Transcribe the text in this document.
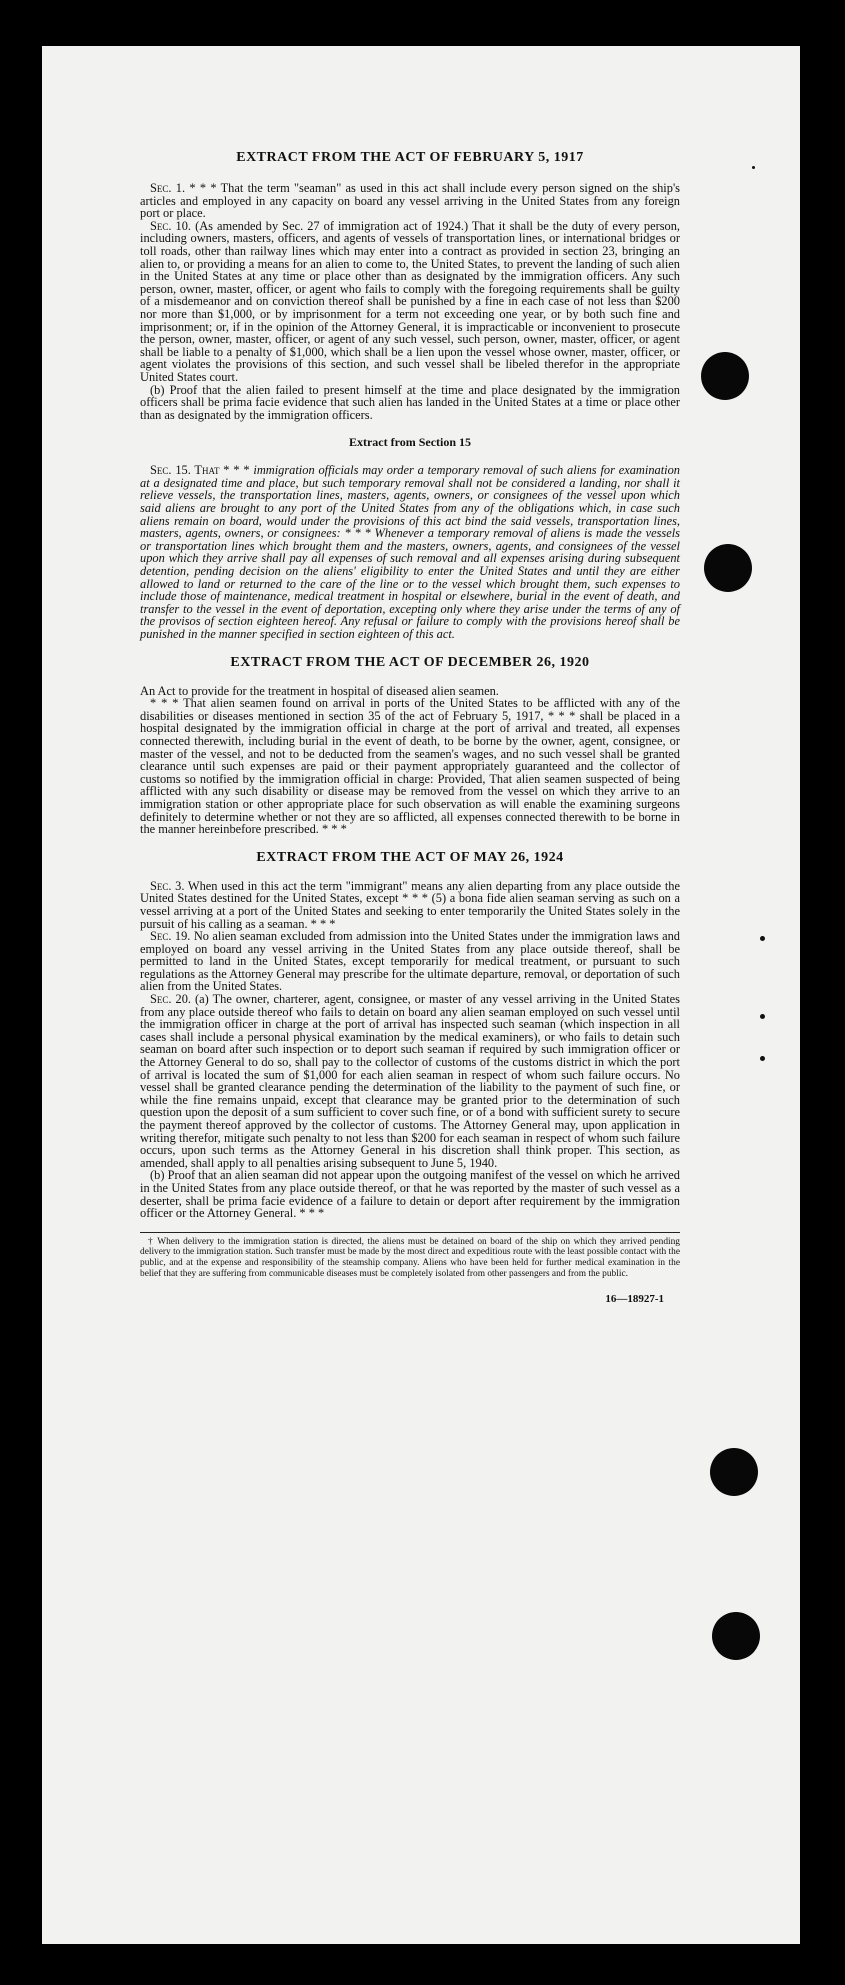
EXTRACT FROM THE ACT OF FEBRUARY 5, 1917

Sec. 1. * * * That the term "seaman" as used in this act shall include every person signed on the ship's articles and employed in any capacity on board any vessel arriving in the United States from any foreign port or place.

Sec. 10. (As amended by Sec. 27 of immigration act of 1924.) That it shall be the duty of every person, including owners, masters, officers, and agents of vessels of transportation lines, or international bridges or toll roads, other than railway lines which may enter into a contract as provided in section 23, bringing an alien to, or providing a means for an alien to come to, the United States, to prevent the landing of such alien in the United States at any time or place other than as designated by the immigration officers. Any such person, owner, master, officer, or agent who fails to comply with the foregoing requirements shall be guilty of a misdemeanor and on conviction thereof shall be punished by a fine in each case of not less than $200 nor more than $1,000, or by imprisonment for a term not exceeding one year, or by both such fine and imprisonment; or, if in the opinion of the Attorney General, it is impracticable or inconvenient to prosecute the person, owner, master, officer, or agent of any such vessel, such person, owner, master, officer, or agent shall be liable to a penalty of $1,000, which shall be a lien upon the vessel whose owner, master, officer, or agent violates the provisions of this section, and such vessel shall be libeled therefor in the appropriate United States court.

(b) Proof that the alien failed to present himself at the time and place designated by the immigration officers shall be prima facie evidence that such alien has landed in the United States at a time or place other than as designated by the immigration officers.

Extract from Section 15

Sec. 15. That * * * immigration officials may order a temporary removal of such aliens for examination at a designated time and place, but such temporary removal shall not be considered a landing, nor shall it relieve vessels, the transportation lines, masters, agents, owners, or consignees of the vessel upon which said aliens are brought to any port of the United States from any of the obligations which, in case such aliens remain on board, would under the provisions of this act bind the said vessels, transportation lines, masters, agents, owners, or consignees: * * * Whenever a temporary removal of aliens is made the vessels or transportation lines which brought them and the masters, owners, agents, and consignees of the vessel upon which they arrive shall pay all expenses of such removal and all expenses arising during subsequent detention, pending decision on the aliens' eligibility to enter the United States and until they are either allowed to land or returned to the care of the line or to the vessel which brought them, such expenses to include those of maintenance, medical treatment in hospital or elsewhere, burial in the event of death, and transfer to the vessel in the event of deportation, excepting only where they arise under the terms of any of the provisos of section eighteen hereof. Any refusal or failure to comply with the provisions hereof shall be punished in the manner specified in section eighteen of this act.

EXTRACT FROM THE ACT OF DECEMBER 26, 1920

An Act to provide for the treatment in hospital of diseased alien seamen.

* * * That alien seamen found on arrival in ports of the United States to be afflicted with any of the disabilities or diseases mentioned in section 35 of the act of February 5, 1917, * * * shall be placed in a hospital designated by the immigration official in charge at the port of arrival and treated, all expenses connected therewith, including burial in the event of death, to be borne by the owner, agent, consignee, or master of the vessel, and not to be deducted from the seamen's wages, and no such vessel shall be granted clearance until such expenses are paid or their payment appropriately guaranteed and the collector of customs so notified by the immigration official in charge: Provided, That alien seamen suspected of being afflicted with any such disability or disease may be removed from the vessel on which they arrive to an immigration station or other appropriate place for such observation as will enable the examining surgeons definitely to determine whether or not they are so afflicted, all expenses connected therewith to be borne in the manner hereinbefore prescribed. * * *

EXTRACT FROM THE ACT OF MAY 26, 1924

Sec. 3. When used in this act the term "immigrant" means any alien departing from any place outside the United States destined for the United States, except * * * (5) a bona fide alien seaman serving as such on a vessel arriving at a port of the United States and seeking to enter temporarily the United States solely in the pursuit of his calling as a seaman. * * *

Sec. 19. No alien seaman excluded from admission into the United States under the immigration laws and employed on board any vessel arriving in the United States from any place outside thereof, shall be permitted to land in the United States, except temporarily for medical treatment, or pursuant to such regulations as the Attorney General may prescribe for the ultimate departure, removal, or deportation of such alien from the United States.

Sec. 20. (a) The owner, charterer, agent, consignee, or master of any vessel arriving in the United States from any place outside thereof who fails to detain on board any alien seaman employed on such vessel until the immigration officer in charge at the port of arrival has inspected such seaman (which inspection in all cases shall include a personal physical examination by the medical examiners), or who fails to detain such seaman on board after such inspection or to deport such seaman if required by such immigration officer or the Attorney General to do so, shall pay to the collector of customs of the customs district in which the port of arrival is located the sum of $1,000 for each alien seaman in respect of whom such failure occurs. No vessel shall be granted clearance pending the determination of the liability to the payment of such fine, or while the fine remains unpaid, except that clearance may be granted prior to the determination of such question upon the deposit of a sum sufficient to cover such fine, or of a bond with sufficient surety to secure the payment thereof approved by the collector of customs. The Attorney General may, upon application in writing therefor, mitigate such penalty to not less than $200 for each seaman in respect of whom such failure occurs, upon such terms as the Attorney General in his discretion shall think proper. This section, as amended, shall apply to all penalties arising subsequent to June 5, 1940.

(b) Proof that an alien seaman did not appear upon the outgoing manifest of the vessel on which he arrived in the United States from any place outside thereof, or that he was reported by the master of such vessel as a deserter, shall be prima facie evidence of a failure to detain or deport after requirement by the immigration officer or the Attorney General. * * *

† When delivery to the immigration station is directed, the aliens must be detained on board of the ship on which they arrived pending delivery to the immigration station. Such transfer must be made by the most direct and expeditious route with the least possible contact with the public, and at the expense and responsibility of the steamship company. Aliens who have been held for further medical examination in the belief that they are suffering from communicable diseases must be completely isolated from other passengers and from the public.

16—18927-1
